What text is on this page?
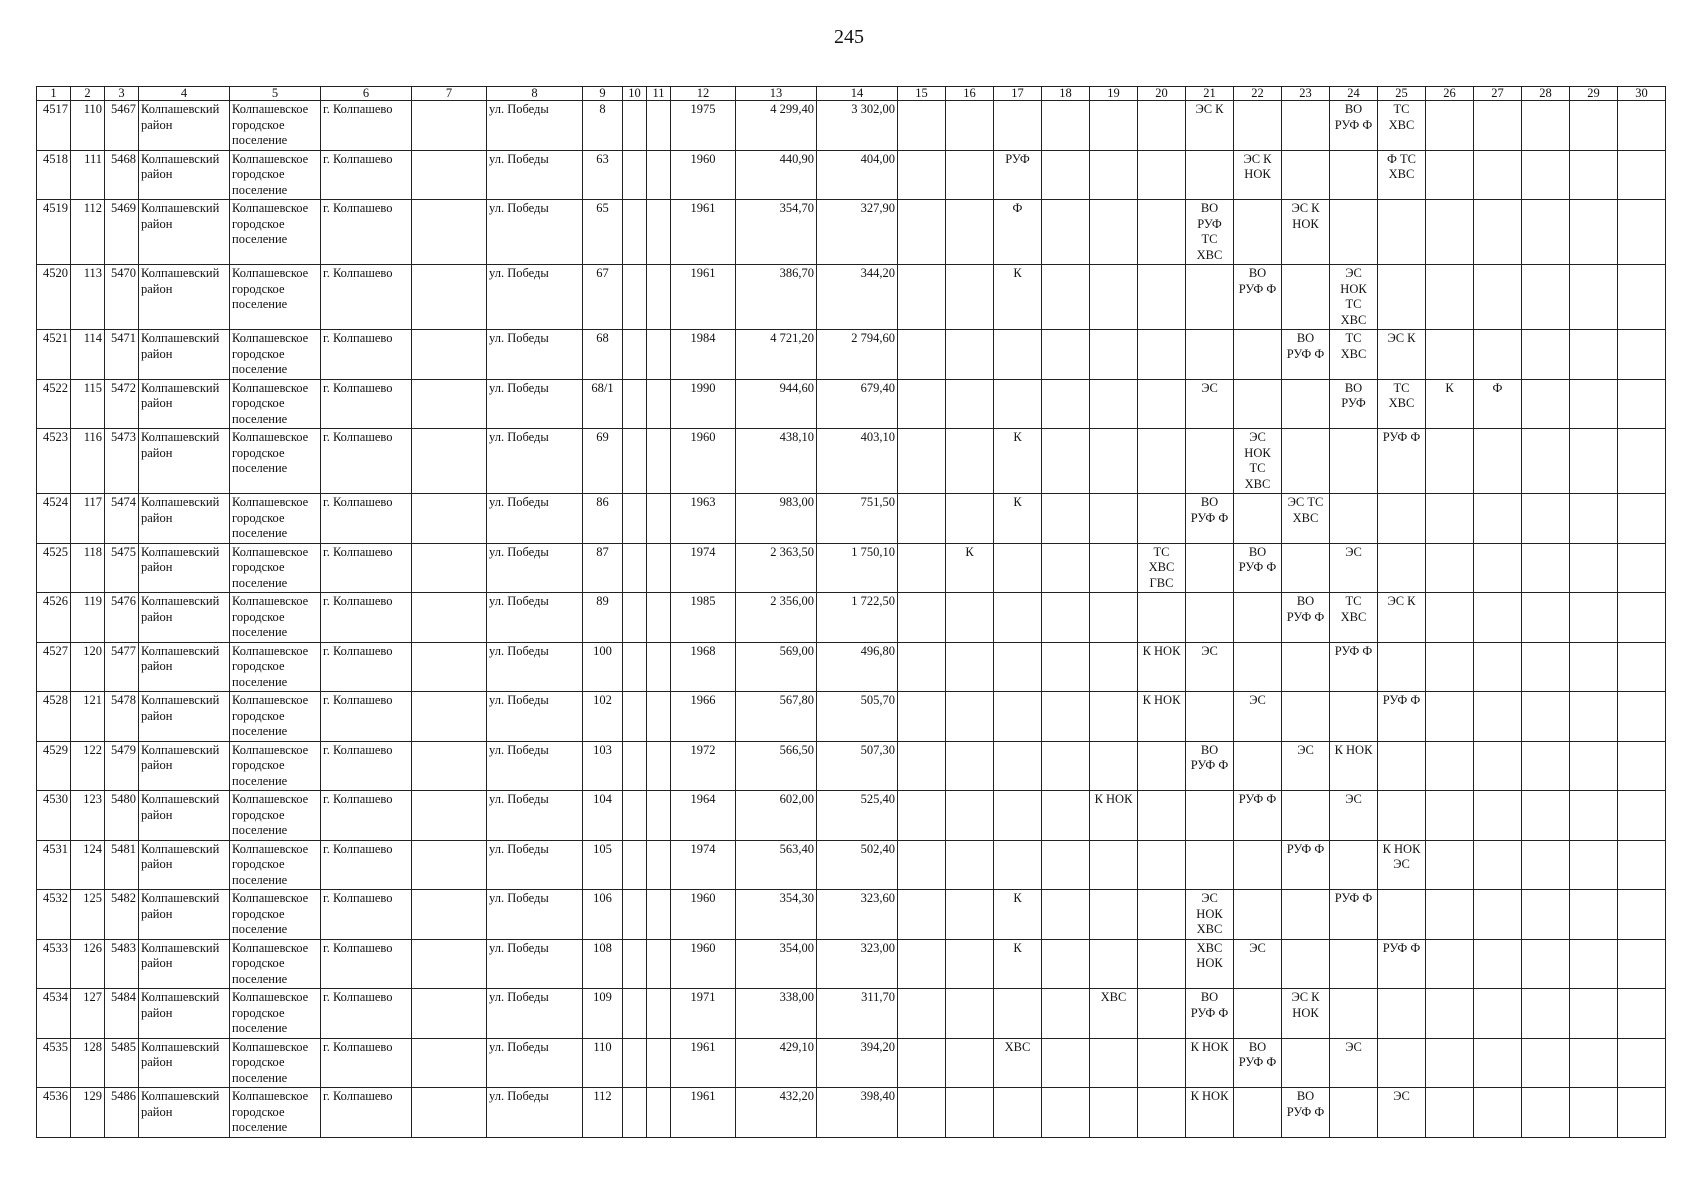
245
1	2	3	4	5	6	7	8	9	10	11	12	13	14	15	16	17	18	19	20	21	22	23	24	25	26	27	28	29	30
4517	110	5467	Колпашевский район	Колпашевское городское поселение	г. Колпашево		ул. Победы	8			1975	4 299,40	3 302,00							ЭС К			ВО РУФ Ф	ТС ХВС					
4518	111	5468	Колпашевский район	Колпашевское городское поселение	г. Колпашево		ул. Победы	63			1960	440,90	404,00			РУФ					ЭС К НОК			Ф ТС ХВС					
4519	112	5469	Колпашевский район	Колпашевское городское поселение	г. Колпашево		ул. Победы	65			1961	354,70	327,90			Ф				ВО РУФ ТС ХВС		ЭС К НОК							
4520	113	5470	Колпашевский район	Колпашевское городское поселение	г. Колпашево		ул. Победы	67			1961	386,70	344,20			К					ВО РУФ Ф		ЭС НОК ТС ХВС						
4521	114	5471	Колпашевский район	Колпашевское городское поселение	г. Колпашево		ул. Победы	68			1984	4 721,20	2 794,60									ВО РУФ Ф	ТС ХВС	ЭС К					
4522	115	5472	Колпашевский район	Колпашевское городское поселение	г. Колпашево		ул. Победы	68/1			1990	944,60	679,40							ЭС			ВО РУФ	ТС ХВС	К	Ф			
4523	116	5473	Колпашевский район	Колпашевское городское поселение	г. Колпашево		ул. Победы	69			1960	438,10	403,10			К					ЭС НОК ТС ХВС			РУФ Ф					
4524	117	5474	Колпашевский район	Колпашевское городское поселение	г. Колпашево		ул. Победы	86			1963	983,00	751,50			К				ВО РУФ Ф		ЭС ТС ХВС							
4525	118	5475	Колпашевский район	Колпашевское городское поселение	г. Колпашево		ул. Победы	87			1974	2 363,50	1 750,10		К				ТС ХВС ГВС		ВО РУФ Ф		ЭС						
4526	119	5476	Колпашевский район	Колпашевское городское поселение	г. Колпашево		ул. Победы	89			1985	2 356,00	1 722,50									ВО РУФ Ф	ТС ХВС	ЭС К					
4527	120	5477	Колпашевский район	Колпашевское городское поселение	г. Колпашево		ул. Победы	100			1968	569,00	496,80						К НОК	ЭС			РУФ Ф						
4528	121	5478	Колпашевский район	Колпашевское городское поселение	г. Колпашево		ул. Победы	102			1966	567,80	505,70						К НОК		ЭС			РУФ Ф					
4529	122	5479	Колпашевский район	Колпашевское городское поселение	г. Колпашево		ул. Победы	103			1972	566,50	507,30							ВО РУФ Ф		ЭС	К НОК						
4530	123	5480	Колпашевский район	Колпашевское городское поселение	г. Колпашево		ул. Победы	104			1964	602,00	525,40					К НОК			РУФ Ф		ЭС						
4531	124	5481	Колпашевский район	Колпашевское городское поселение	г. Колпашево		ул. Победы	105			1974	563,40	502,40									РУФ Ф		К НОК ЭС					
4532	125	5482	Колпашевский район	Колпашевское городское поселение	г. Колпашево		ул. Победы	106			1960	354,30	323,60			К				ЭС НОК ХВС			РУФ Ф						
4533	126	5483	Колпашевский район	Колпашевское городское поселение	г. Колпашево		ул. Победы	108			1960	354,00	323,00			К				ХВС НОК	ЭС			РУФ Ф					
4534	127	5484	Колпашевский район	Колпашевское городское поселение	г. Колпашево		ул. Победы	109			1971	338,00	311,70					ХВС		ВО РУФ Ф		ЭС К НОК							
4535	128	5485	Колпашевский район	Колпашевское городское поселение	г. Колпашево		ул. Победы	110			1961	429,10	394,20			ХВС				К НОК	ВО РУФ Ф		ЭС						
4536	129	5486	Колпашевский район	Колпашевское городское поселение	г. Колпашево		ул. Победы	112			1961	432,20	398,40							К НОК		ВО РУФ Ф		ЭС					
